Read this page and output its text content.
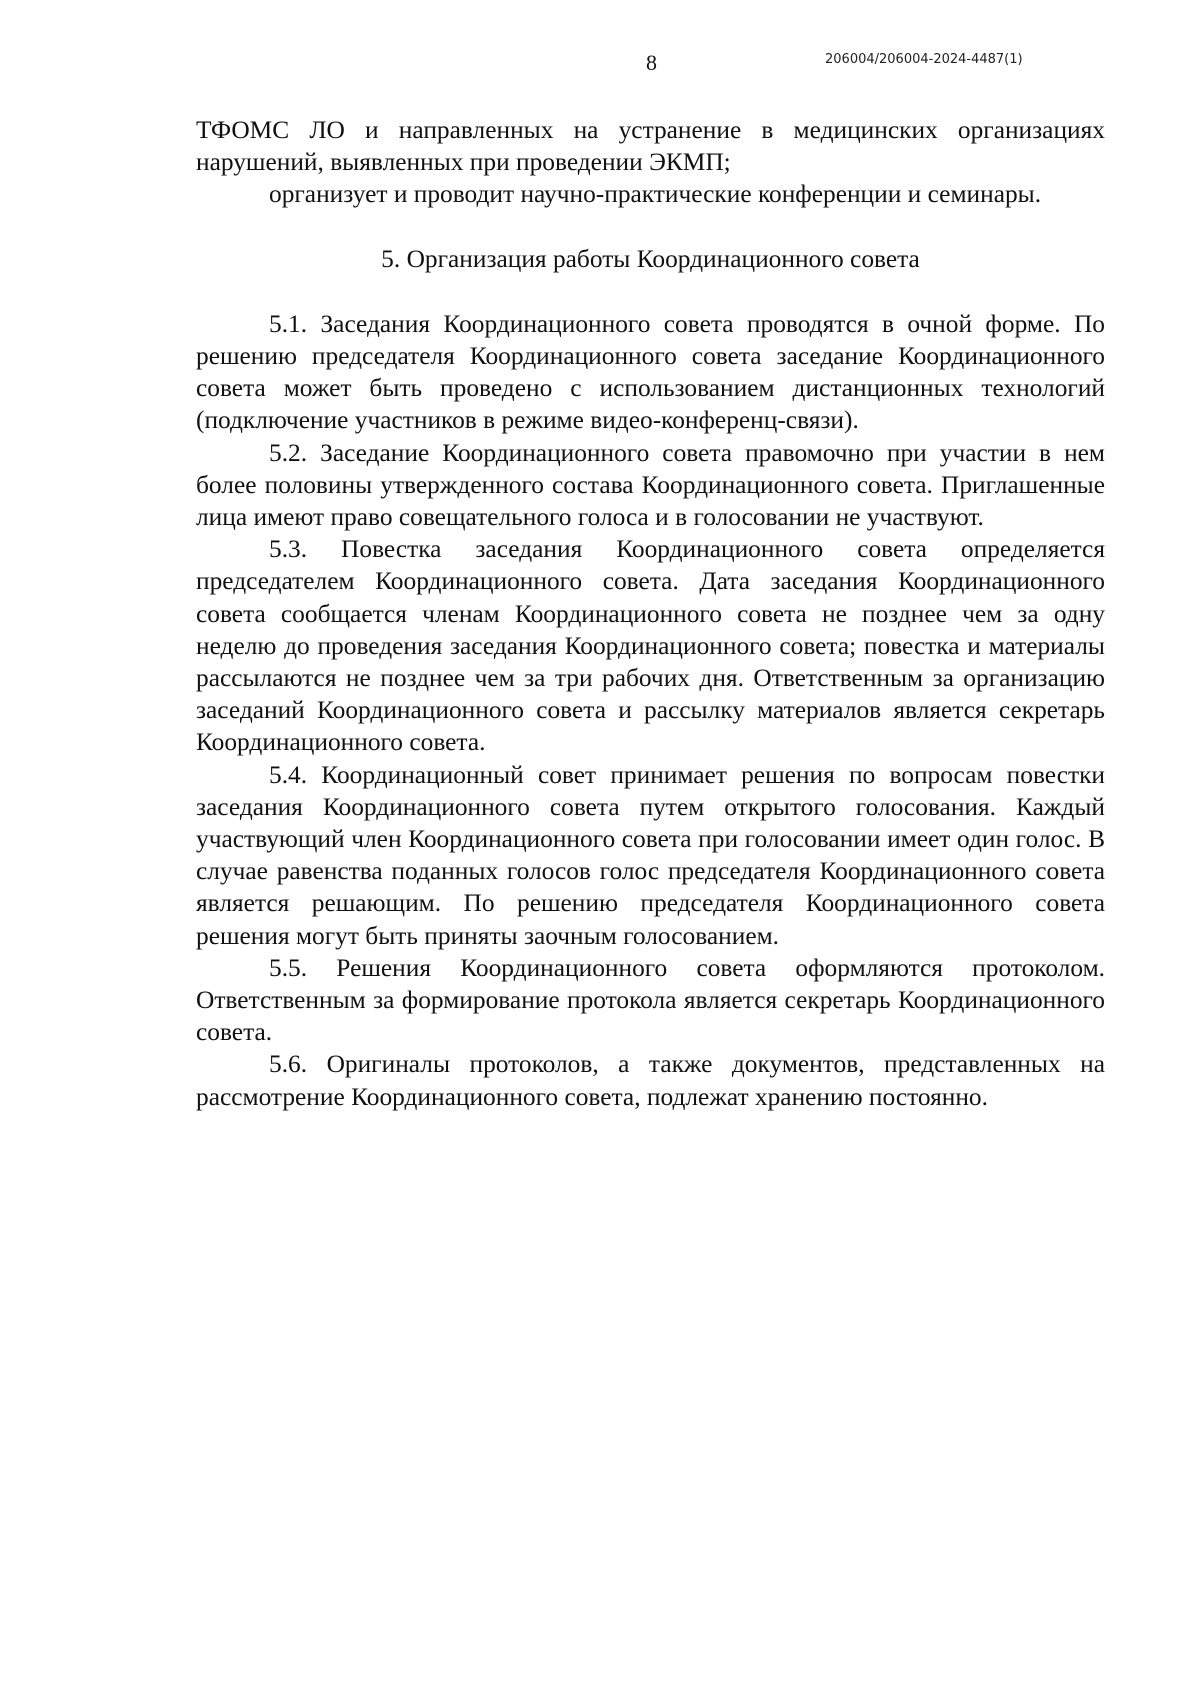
8	206004/206004-2024-4487(1)

ТФОМС ЛО и направленных на устранение в медицинских организациях нарушений, выявленных при проведении ЭКМП;

организует и проводит научно-практические конференции и семинары.

5. Организация работы Координационного совета

5.1. Заседания Координационного совета проводятся в очной форме. По решению председателя Координационного совета заседание Координационного совета может быть проведено с использованием дистанционных технологий (подключение участников в режиме видео-конференц-связи).

5.2. Заседание Координационного совета правомочно при участии в нем более половины утвержденного состава Координационного совета. Приглашенные лица имеют право совещательного голоса и в голосовании не участвуют.

5.3. Повестка заседания Координационного совета определяется председателем Координационного совета. Дата заседания Координационного совета сообщается членам Координационного совета не позднее чем за одну неделю до проведения заседания Координационного совета; повестка и материалы рассылаются не позднее чем за три рабочих дня. Ответственным за организацию заседаний Координационного совета и рассылку материалов является секретарь Координационного совета.

5.4. Координационный совет принимает решения по вопросам повестки заседания Координационного совета путем открытого голосования. Каждый участвующий член Координационного совета при голосовании имеет один голос. В случае равенства поданных голосов голос председателя Координационного совета является решающим. По решению председателя Координационного совета решения могут быть приняты заочным голосованием.

5.5. Решения Координационного совета оформляются протоколом. Ответственным за формирование протокола является секретарь Координационного совета.

5.6. Оригиналы протоколов, а также документов, представленных на рассмотрение Координационного совета, подлежат хранению постоянно.
